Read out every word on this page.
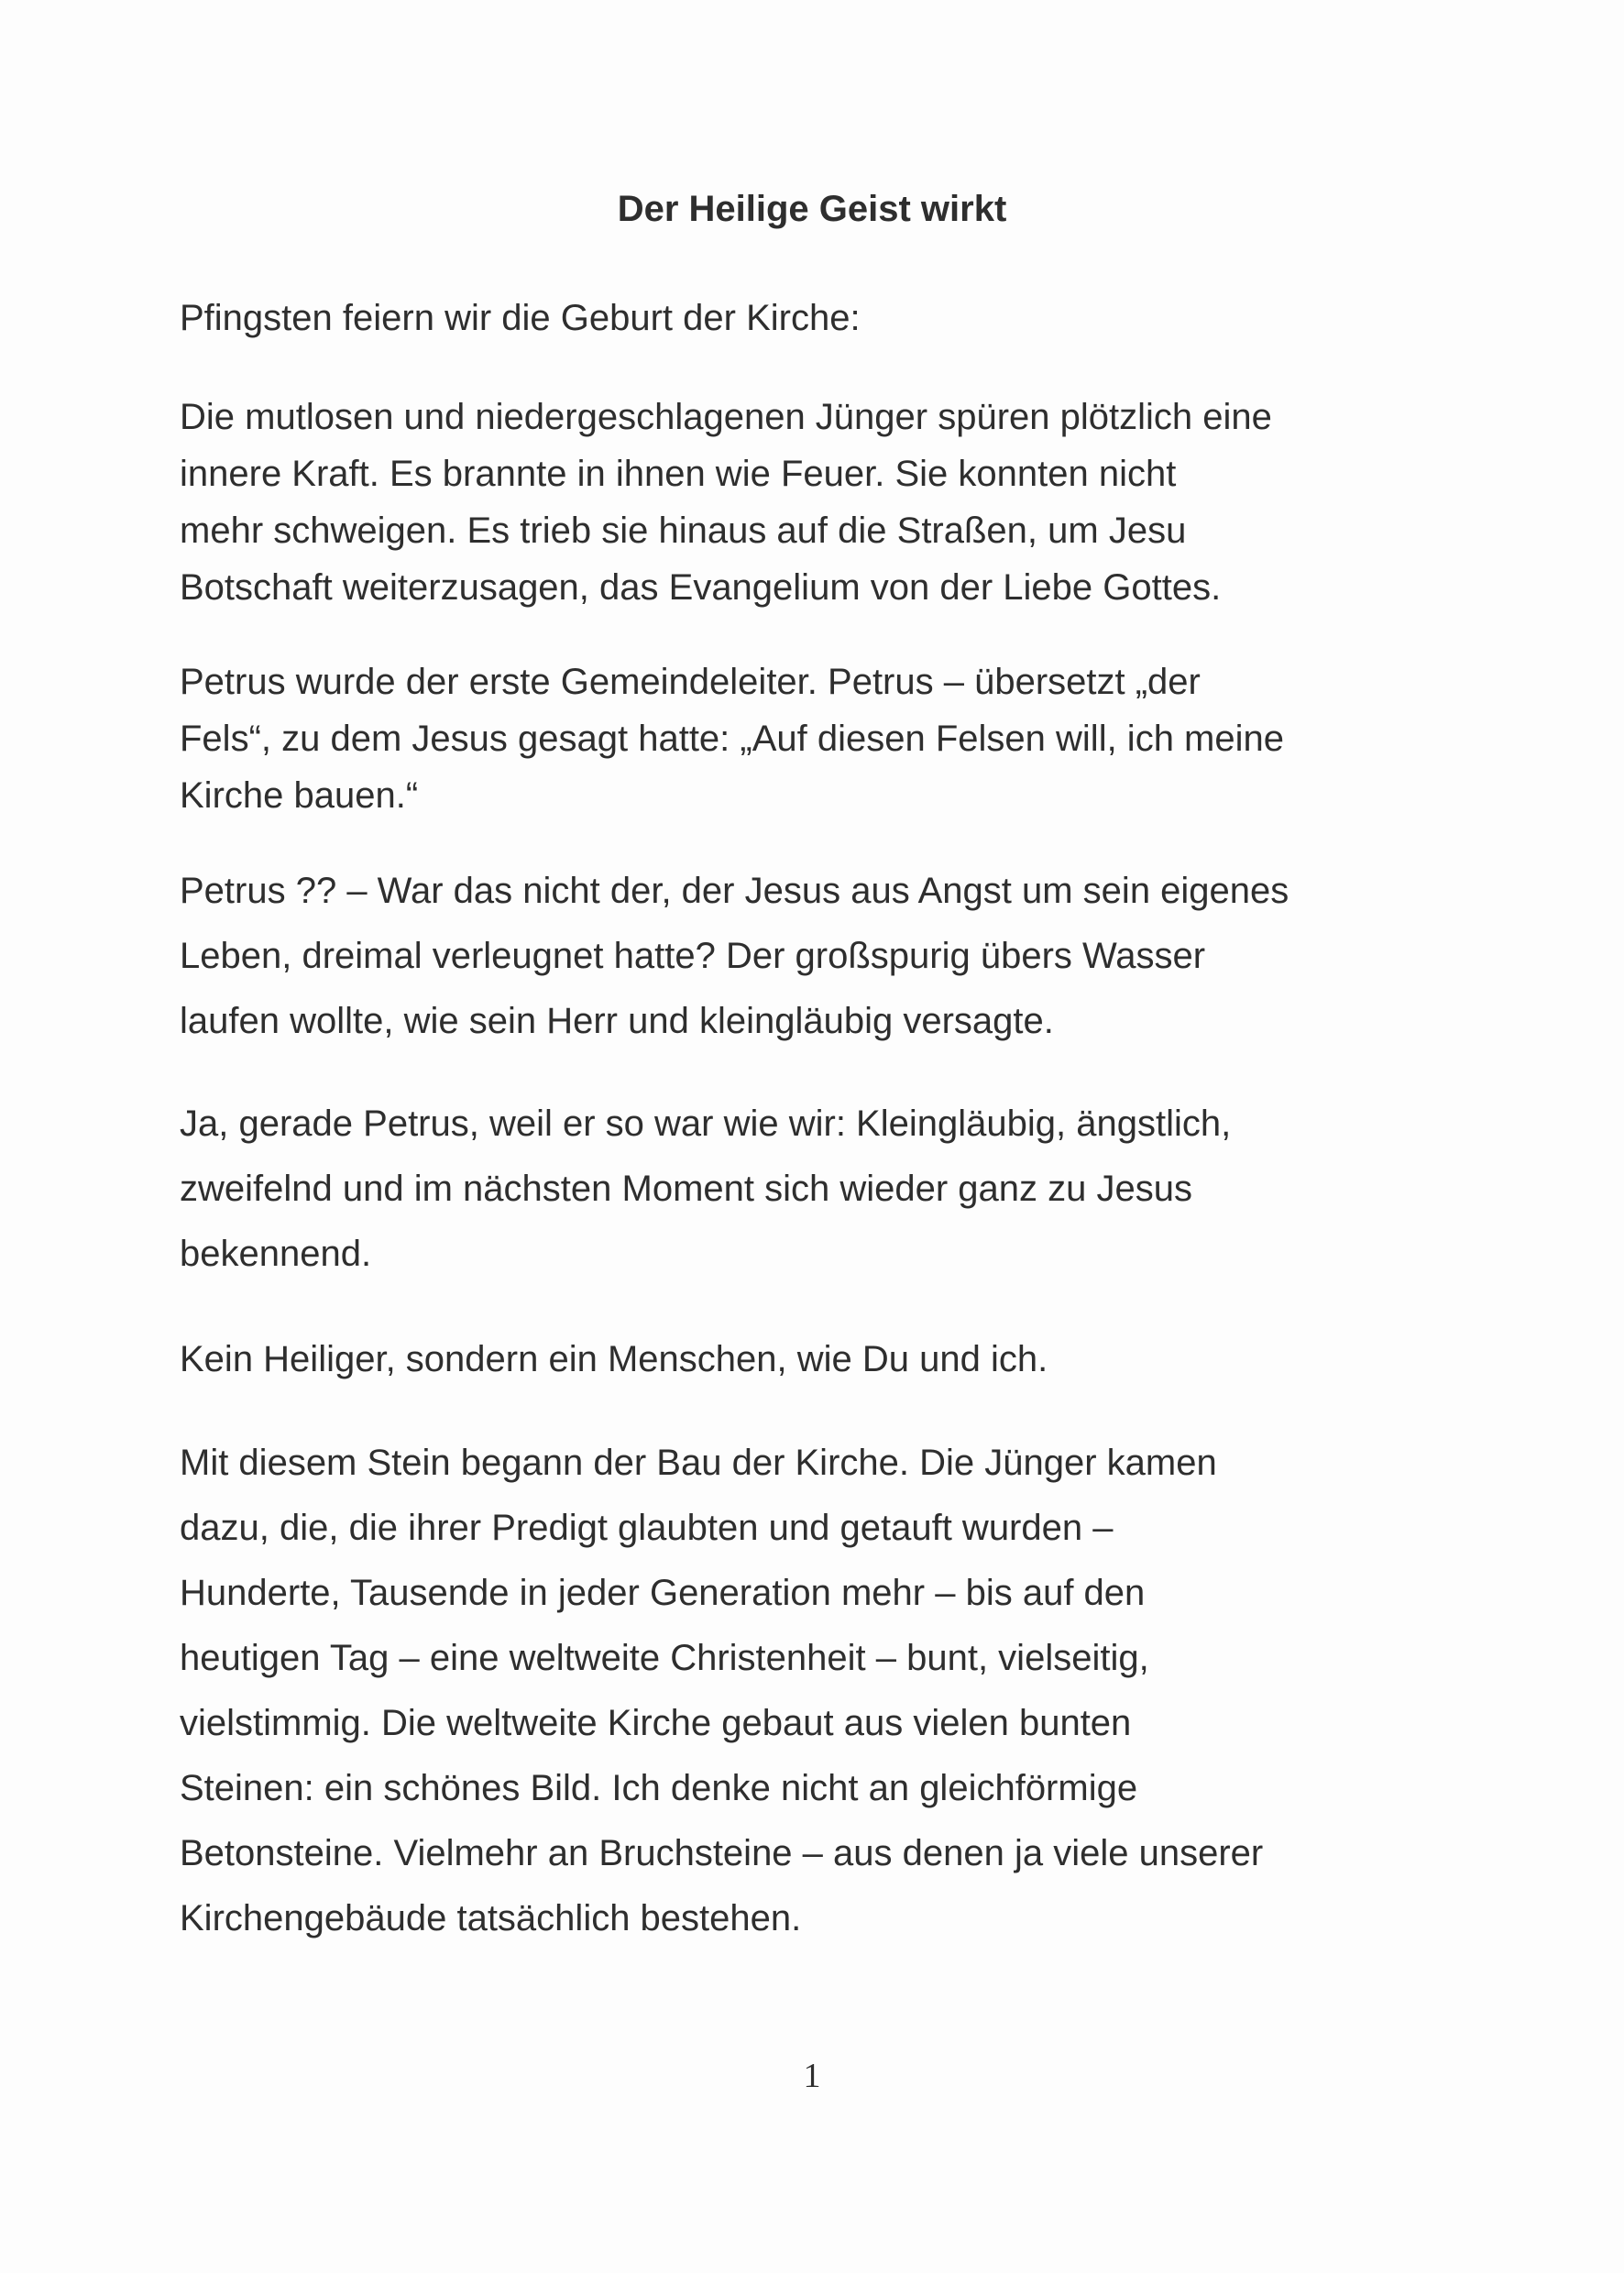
Der Heilige Geist wirkt

Pfingsten feiern wir die Geburt der Kirche:

Die mutlosen und niedergeschlagenen Jünger spüren plötzlich eine
innere Kraft. Es brannte in ihnen wie Feuer. Sie konnten nicht
mehr schweigen. Es trieb sie hinaus auf die Straßen, um Jesu
Botschaft weiterzusagen, das Evangelium von der Liebe Gottes.

Petrus wurde der erste Gemeindeleiter. Petrus – übersetzt „der
Fels“, zu dem Jesus gesagt hatte: „Auf diesen Felsen will, ich meine
Kirche bauen.“

Petrus ?? – War das nicht der, der Jesus aus Angst um sein eigenes
Leben, dreimal verleugnet hatte? Der großspurig übers Wasser
laufen wollte, wie sein Herr und kleingläubig versagte.

Ja, gerade Petrus, weil er so war wie wir: Kleingläubig, ängstlich,
zweifelnd und im nächsten Moment sich wieder ganz zu Jesus
bekennend.

Kein Heiliger, sondern ein Menschen, wie Du und ich.

Mit diesem Stein begann der Bau der Kirche. Die Jünger kamen
dazu, die, die ihrer Predigt glaubten und getauft wurden –
Hunderte, Tausende in jeder Generation mehr – bis auf den
heutigen Tag – eine weltweite Christenheit – bunt, vielseitig,
vielstimmig. Die weltweite Kirche gebaut aus vielen bunten
Steinen: ein schönes Bild. Ich denke nicht an gleichförmige
Betonsteine. Vielmehr an Bruchsteine – aus denen ja viele unserer
Kirchengebäude tatsächlich bestehen.

1
